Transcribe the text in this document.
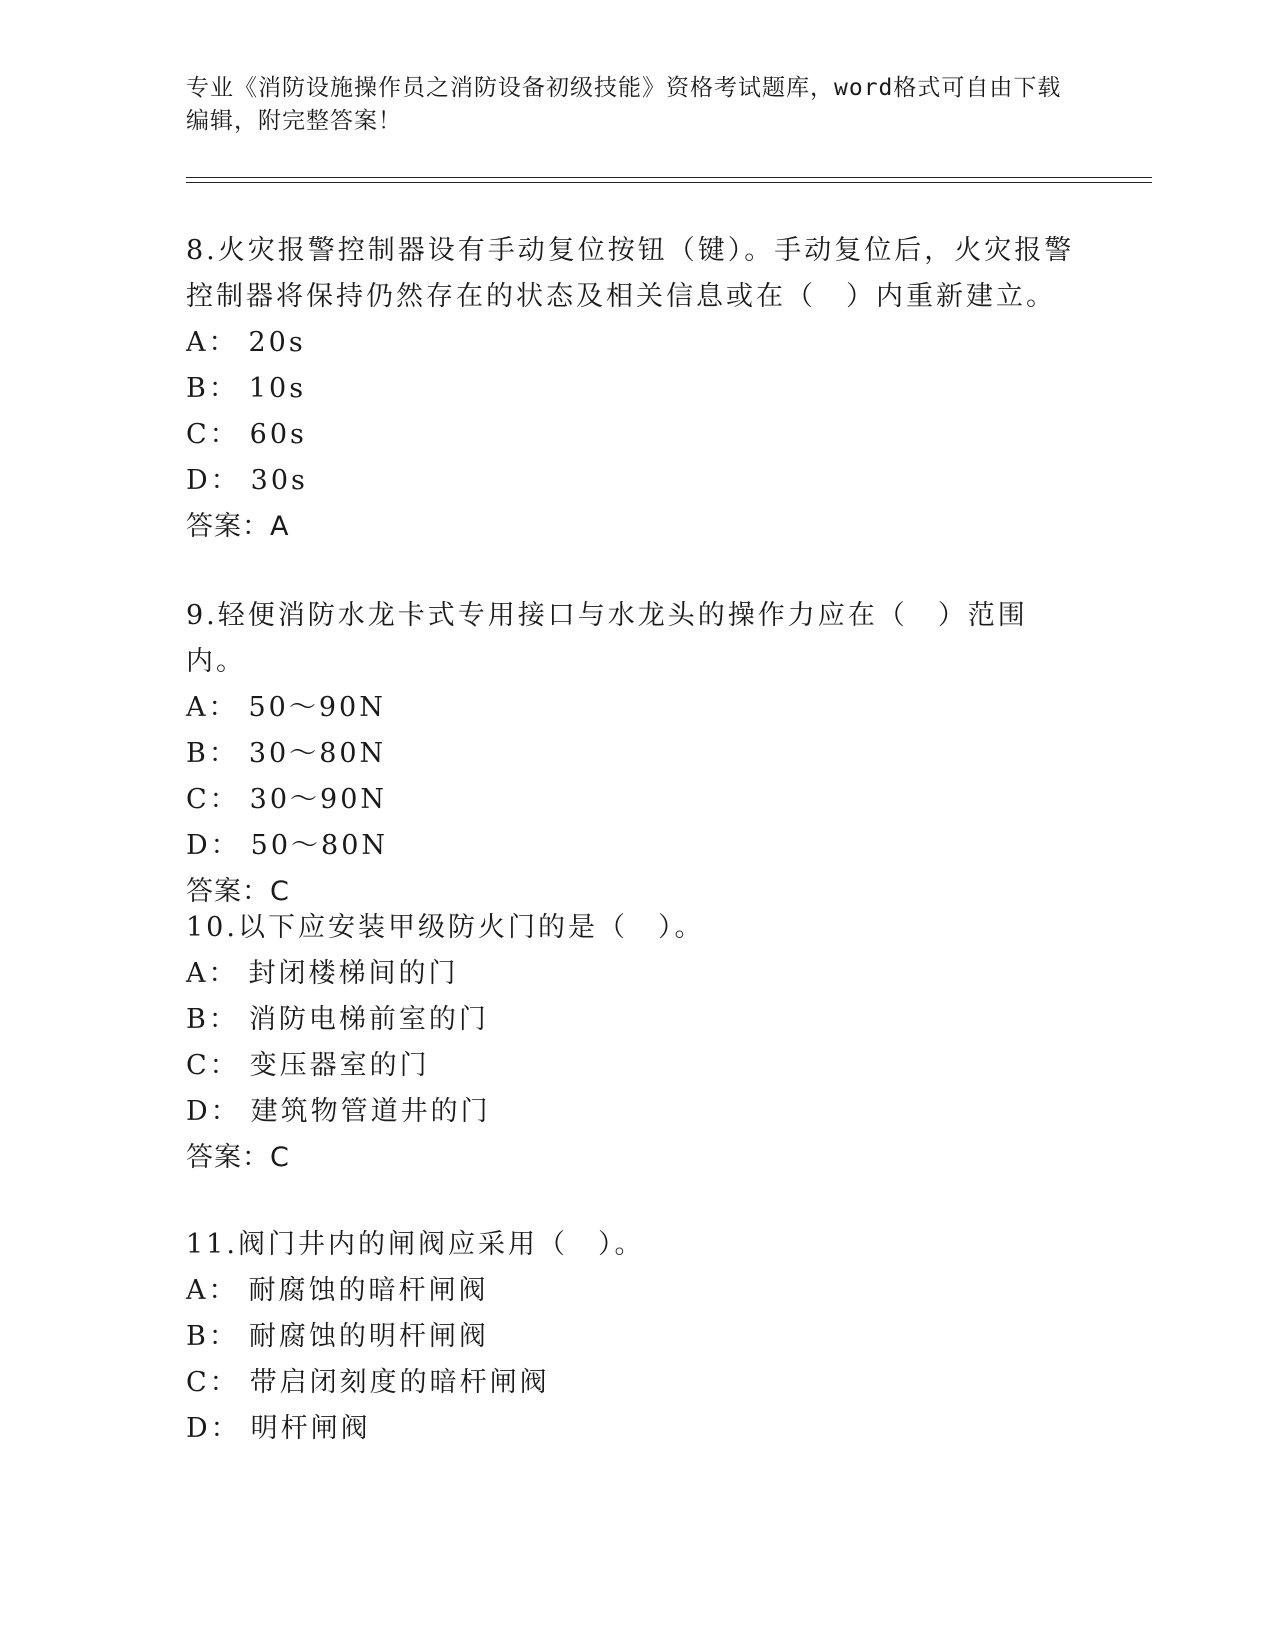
专业《消防设施操作员之消防设备初级技能》资格考试题库，word格式可自由下载编辑，附完整答案！
8.火灾报警控制器设有手动复位按钮（键）。手动复位后，火灾报警控制器将保持仍然存在的状态及相关信息或在（　）内重新建立。
A： 20s
B： 10s
C： 60s
D： 30s
答案：A
9.轻便消防水龙卡式专用接口与水龙头的操作力应在（　）范围内。
A： 50～90N
B： 30～80N
C： 30～90N
D： 50～80N
答案：C
10.以下应安装甲级防火门的是（　）。
A： 封闭楼梯间的门
B： 消防电梯前室的门
C： 变压器室的门
D： 建筑物管道井的门
答案：C
11.阀门井内的闸阀应采用（　）。
A： 耐腐蚀的暗杆闸阀
B： 耐腐蚀的明杆闸阀
C： 带启闭刻度的暗杆闸阀
D： 明杆闸阀
